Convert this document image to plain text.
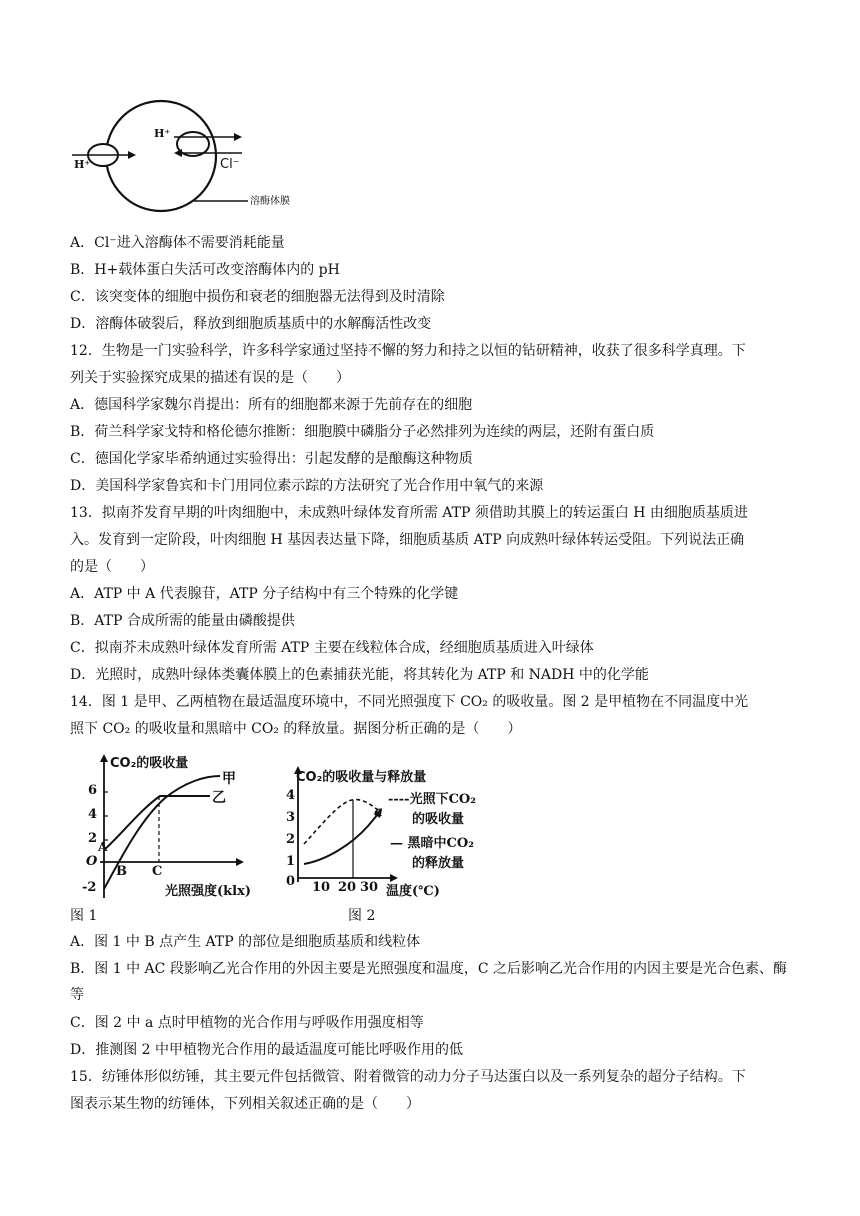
H⁺
H⁺
Cl⁻
溶酶体膜
A．Cl⁻进入溶酶体不需要消耗能量
B．H+载体蛋白失活可改变溶酶体内的 pH
C．该突变体的细胞中损伤和衰老的细胞器无法得到及时清除
D．溶酶体破裂后，释放到细胞质基质中的水解酶活性改变
12．生物是一门实验科学，许多科学家通过坚持不懈的努力和持之以恒的钻研精神，收获了很多科学真理。下
列关于实验探究成果的描述有误的是（　　）
A．德国科学家魏尔肖提出：所有的细胞都来源于先前存在的细胞
B．荷兰科学家戈特和格伦德尔推断：细胞膜中磷脂分子必然排列为连续的两层，还附有蛋白质
C．德国化学家毕希纳通过实验得出：引起发酵的是酿酶这种物质
D．美国科学家鲁宾和卡门用同位素示踪的方法研究了光合作用中氧气的来源
13．拟南芥发育早期的叶肉细胞中，未成熟叶绿体发育所需 ATP 须借助其膜上的转运蛋白 H 由细胞质基质进
入。发育到一定阶段，叶肉细胞 H 基因表达量下降，细胞质基质 ATP 向成熟叶绿体转运受阻。下列说法正确
的是（　　）
A．ATP 中 A 代表腺苷，ATP 分子结构中有三个特殊的化学键
B．ATP 合成所需的能量由磷酸提供
C．拟南芥未成熟叶绿体发育所需 ATP 主要在线粒体合成，经细胞质基质进入叶绿体
D．光照时，成熟叶绿体类囊体膜上的色素捕获光能，将其转化为 ATP 和 NADH 中的化学能
14．图 1 是甲、乙两植物在最适温度环境中，不同光照强度下 CO₂ 的吸收量。图 2 是甲植物在不同温度中光
照下 CO₂ 的吸收量和黑暗中 CO₂ 的释放量。据图分析正确的是（　　）
CO₂的吸收量
甲
乙
6
4
2
A
O
-2
B C
光照强度(klx)
图 1
CO₂的吸收量与释放量
4
3
2
1
0 10 20 30 温度(℃)
a
----光照下CO₂
的吸收量
— 黑暗中CO₂
的释放量
图 2
A．图 1 中 B 点产生 ATP 的部位是细胞质基质和线粒体
B．图 1 中 AC 段影响乙光合作用的外因主要是光照强度和温度，C 之后影响乙光合作用的内因主要是光合色素、酶等
C．图 2 中 a 点时甲植物的光合作用与呼吸作用强度相等
D．推测图 2 中甲植物光合作用的最适温度可能比呼吸作用的低
15．纺锤体形似纺锤，其主要元件包括微管、附着微管的动力分子马达蛋白以及一系列复杂的超分子结构。下
图表示某生物的纺锤体，下列相关叙述正确的是（　　）
